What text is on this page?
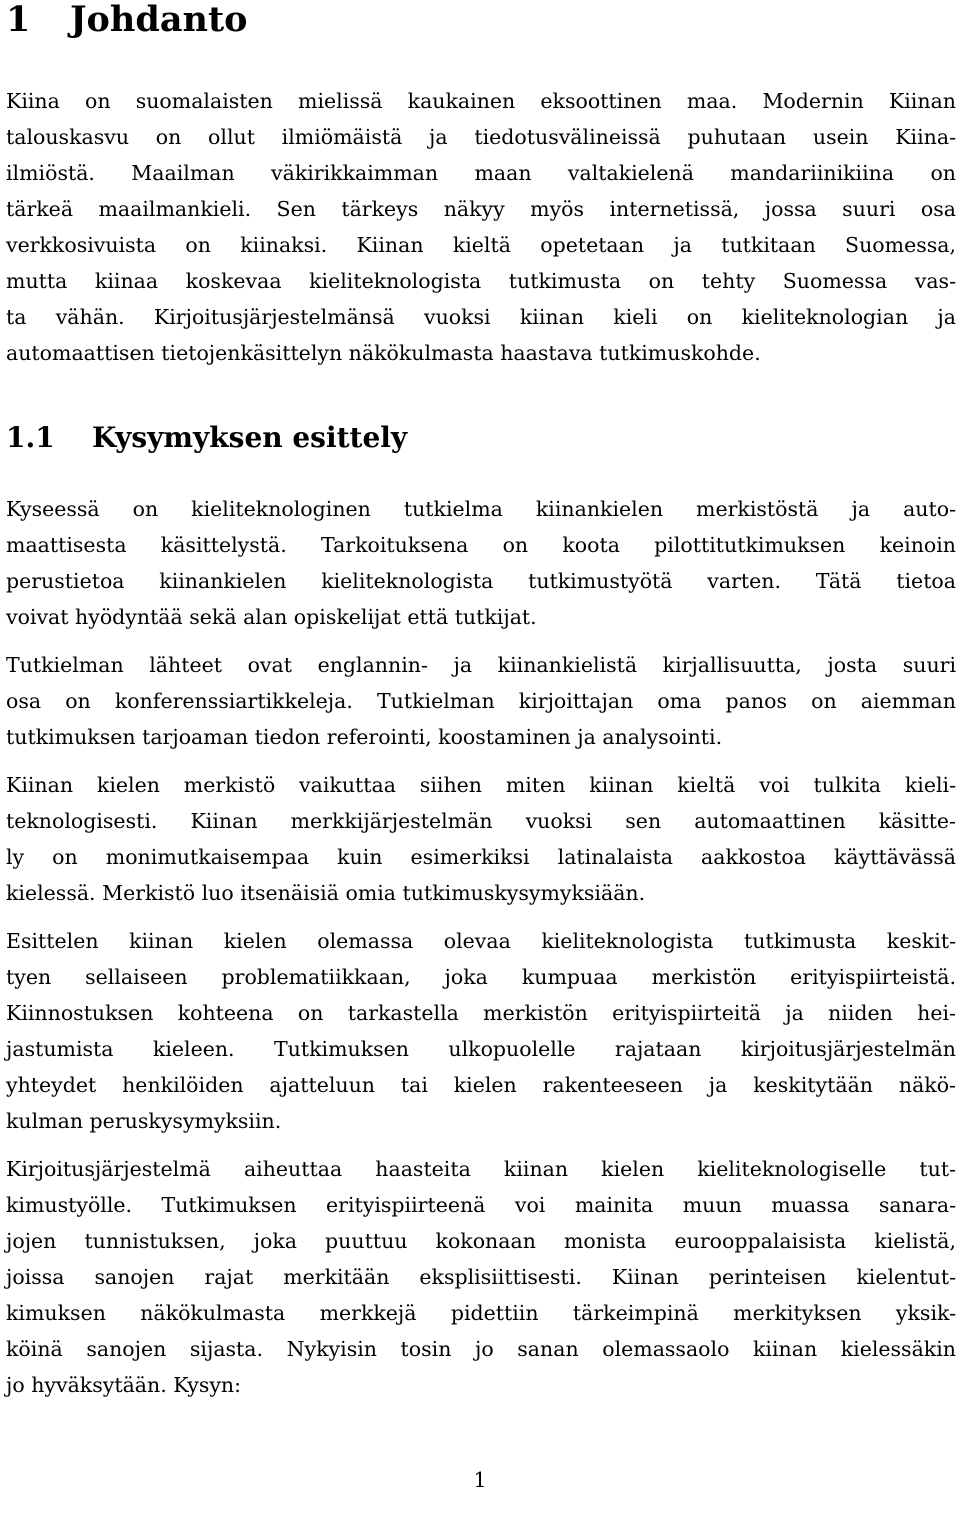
1	Johdanto
Kiina on suomalaisten mielissä kaukainen eksoottinen maa. Modernin Kiinan
talouskasvu on ollut ilmiömäistä ja tiedotusvälineissä puhutaan usein Kiina-
ilmiöstä. Maailman väkirikkaimman maan valtakielenä mandariinikiina on
tärkeä maailmankieli. Sen tärkeys näkyy myös internetissä, jossa suuri osa
verkkosivuista on kiinaksi. Kiinan kieltä opetetaan ja tutkitaan Suomessa,
mutta kiinaa koskevaa kieliteknologista tutkimusta on tehty Suomessa vas-
ta vähän. Kirjoitusjärjestelmänsä vuoksi kiinan kieli on kieliteknologian ja
automaattisen tietojenkäsittelyn näkökulmasta haastava tutkimuskohde.
1.1	Kysymyksen esittely
Kyseessä on kieliteknologinen tutkielma kiinankielen merkistöstä ja auto-
maattisesta käsittelystä. Tarkoituksena on koota pilottitutkimuksen keinoin
perustietoa kiinankielen kieliteknologista tutkimustyötä varten. Tätä tietoa
voivat hyödyntää sekä alan opiskelijat että tutkijat.
Tutkielman lähteet ovat englannin- ja kiinankielistä kirjallisuutta, josta suuri
osa on konferenssiartikkeleja. Tutkielman kirjoittajan oma panos on aiemman
tutkimuksen tarjoaman tiedon referointi, koostaminen ja analysointi.
Kiinan kielen merkistö vaikuttaa siihen miten kiinan kieltä voi tulkita kieli-
teknologisesti. Kiinan merkkijärjestelmän vuoksi sen automaattinen käsitte-
ly on monimutkaisempaa kuin esimerkiksi latinalaista aakkostoa käyttävässä
kielessä. Merkistö luo itsenäisiä omia tutkimuskysymyksiään.
Esittelen kiinan kielen olemassa olevaa kieliteknologista tutkimusta keskit-
tyen sellaiseen problematiikkaan, joka kumpuaa merkistön erityispiirteistä.
Kiinnostuksen kohteena on tarkastella merkistön erityispiirteitä ja niiden hei-
jastumista kieleen. Tutkimuksen ulkopuolelle rajataan kirjoitusjärjestelmän
yhteydet henkilöiden ajatteluun tai kielen rakenteeseen ja keskitytään näkö-
kulman peruskysymyksiin.
Kirjoitusjärjestelmä aiheuttaa haasteita kiinan kielen kieliteknologiselle tut-
kimustyölle. Tutkimuksen erityispiirteenä voi mainita muun muassa sanara-
jojen tunnistuksen, joka puuttuu kokonaan monista eurooppalaisista kielistä,
joissa sanojen rajat merkitään eksplisiittisesti. Kiinan perinteisen kielentut-
kimuksen näkökulmasta merkkejä pidettiin tärkeimpinä merkityksen yksik-
köinä sanojen sijasta. Nykyisin tosin jo sanan olemassaolo kiinan kielessäkin
jo hyväksytään. Kysyn:
1
